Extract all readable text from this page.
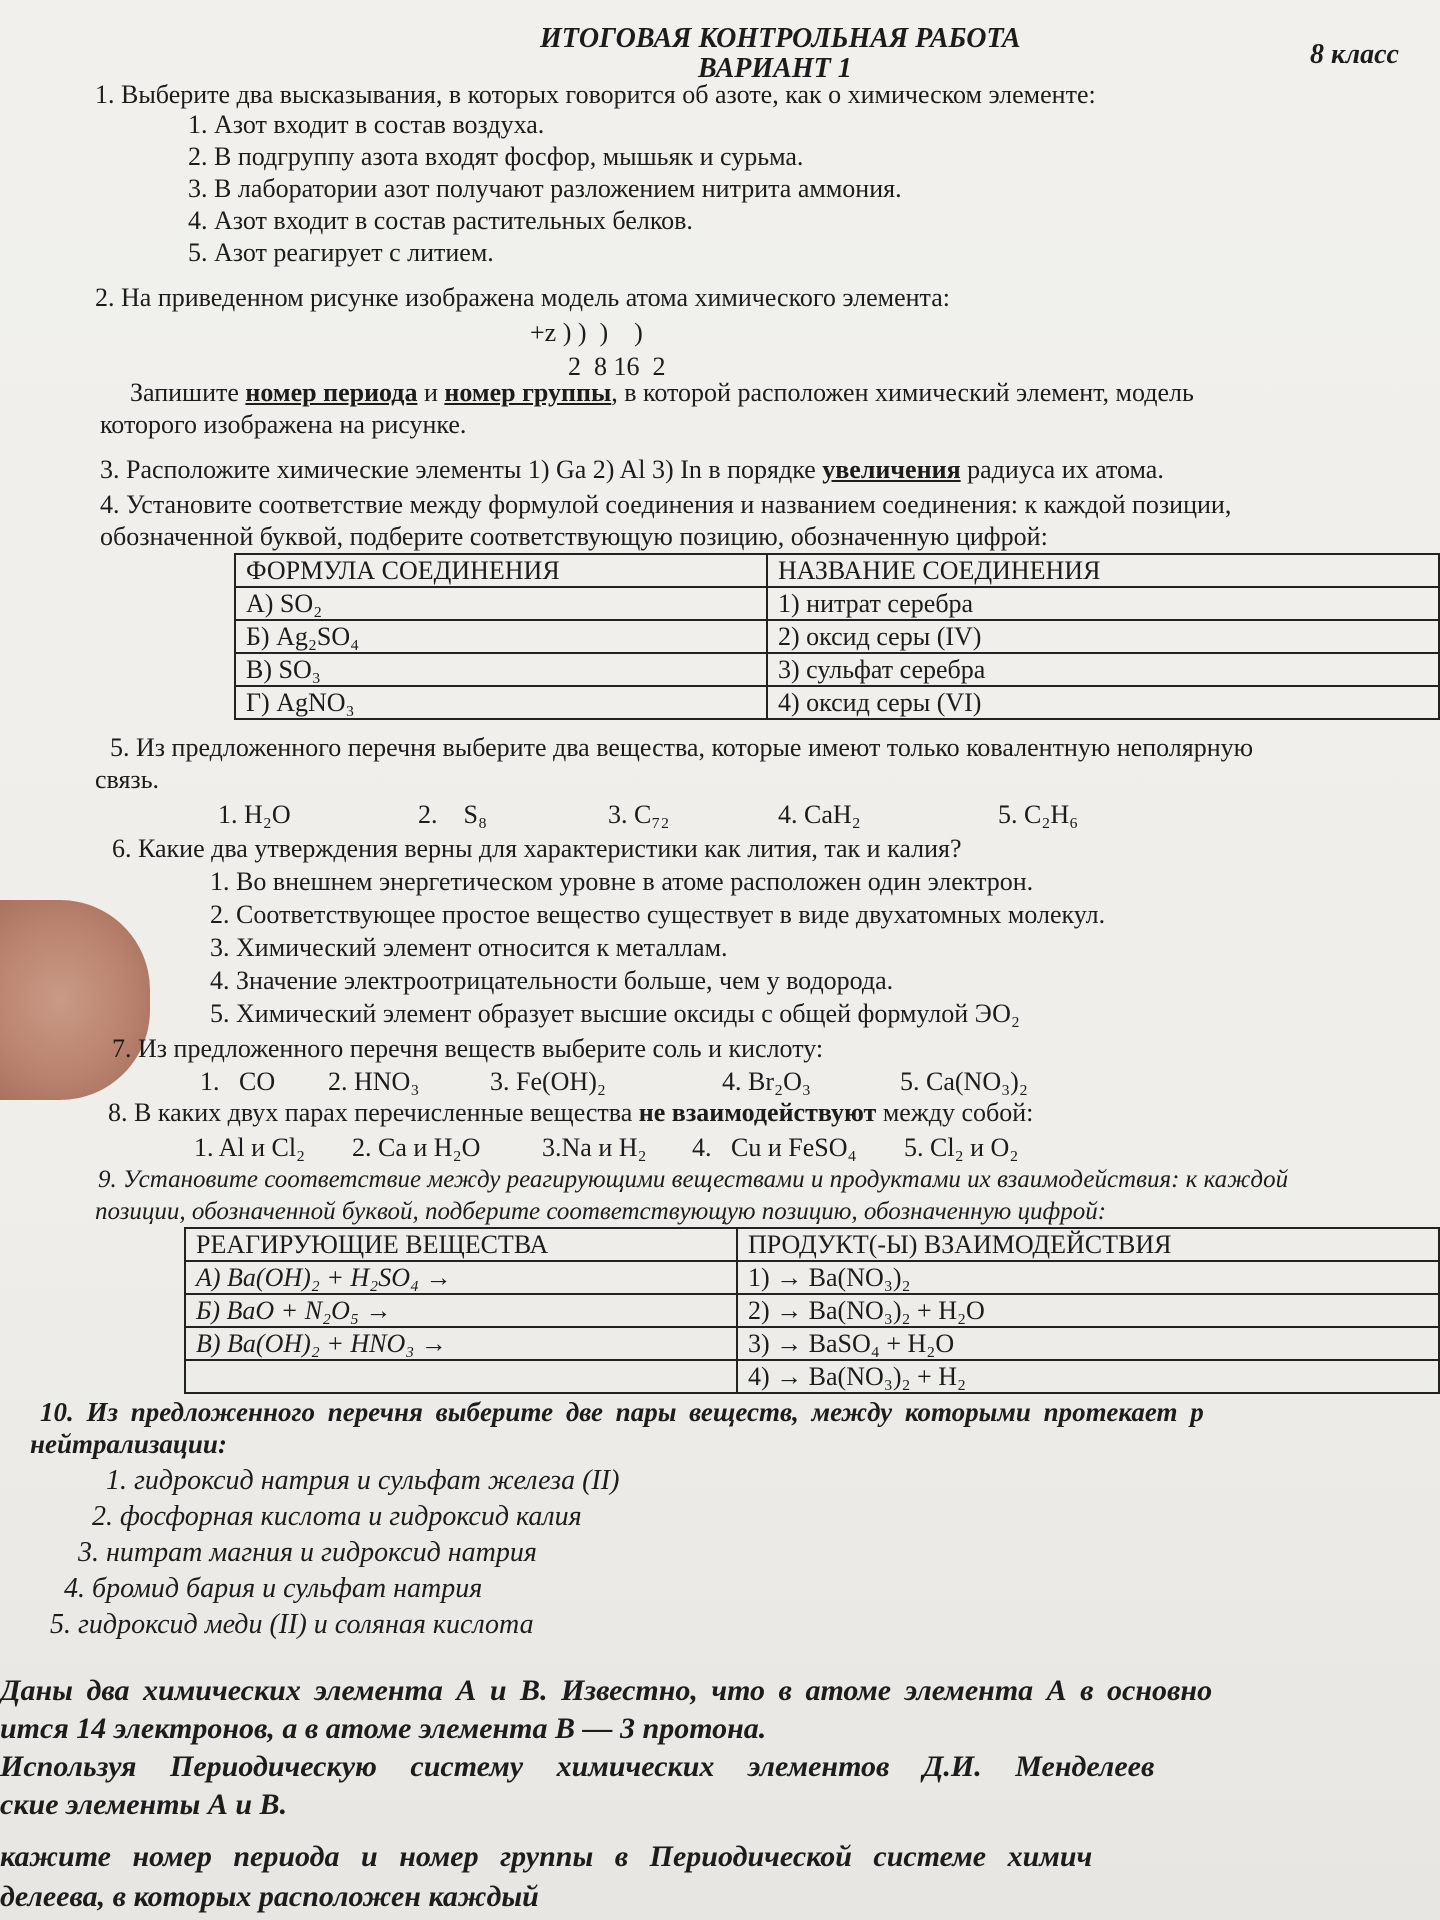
ИТОГОВАЯ КОНТРОЛЬНАЯ РАБОТА
ВАРИАНТ 1	8 класс
1. Выберите два высказывания, в которых говорится об азоте, как о химическом элементе:
1. Азот входит в состав воздуха.
2. В подгруппу азота входят фосфор, мышьяк и сурьма.
3. В лаборатории азот получают разложением нитрита аммония.
4. Азот входит в состав растительных белков.
5. Азот реагирует с литием.
2. На приведенном рисунке изображена модель атома химического элемента:
+z ) )  )    )
2  8 16  2
Запишите номер периода и номер группы, в которой расположен химический элемент, модель
которого изображена на рисунке.
3. Расположите химические элементы 1) Ga 2) Al 3) In в порядке увеличения радиуса их атома.
4. Установите соответствие между формулой соединения и названием соединения: к каждой позиции,
обозначенной буквой, подберите соответствующую позицию, обозначенную цифрой:
ФОРМУЛА СОЕДИНЕНИЯ	НАЗВАНИЕ СОЕДИНЕНИЯ
А) SO₂	1) нитрат серебра
Б) Ag₂SO₄	2) оксид серы (IV)
В) SO₃	3) сульфат серебра
Г) AgNO₃	4) оксид серы (VI)
5. Из предложенного перечня выберите два вещества, которые имеют только ковалентную неполярную
связь.
1. H₂O	2.    S₈	3. C₇₂	4. CaH₂	5. C₂H₆
6. Какие два утверждения верны для характеристики как лития, так и калия?
1. Во внешнем энергетическом уровне в атоме расположен один электрон.
2. Соответствующее простое вещество существует в виде двухатомных молекул.
3. Химический элемент относится к металлам.
4. Значение электроотрицательности больше, чем у водорода.
5. Химический элемент образует высшие оксиды с общей формулой ЭО₂
7. Из предложенного перечня веществ выберите соль и кислоту:
1.   CO 2. HNO₃	3. Fe(OH)₂	4. Br₂O₃	5. Ca(NO₃)₂
8. В каких двух парах перечисленные вещества не взаимодействуют между собой:
1. Al и Cl₂ 2. Ca и H₂O 3.Na и H₂ 4.   Cu и FeSO₄ 5. Cl₂ и O₂
9. Установите соответствие между реагирующими веществами и продуктами их взаимодействия: к каждой
позиции, обозначенной буквой, подберите соответствующую позицию, обозначенную цифрой:
РЕАГИРУЮЩИЕ ВЕЩЕСТВА	ПРОДУКТ(-Ы) ВЗАИМОДЕЙСТВИЯ
А) Ba(OH)₂ + H₂SO₄ →	1) → Ba(NO₃)₂
Б) BaO + N₂O₅ →	2) → Ba(NO₃)₂ + H₂O
В) Ba(OH)₂ + HNO₃ →	3) → BaSO₄ + H₂O
	4) → Ba(NO₃)₂ + H₂
10. Из предложенного перечня выберите две пары веществ, между которыми протекает р
нейтрализации:
1. гидроксид натрия и сульфат железа (II)
2. фосфорная кислота и гидроксид калия
3. нитрат магния и гидроксид натрия
4. бромид бария и сульфат натрия
5. гидроксид меди (II) и соляная кислота
Даны два химических элемента А и В. Известно, что в атоме элемента А в основно
ится 14 электронов, а в атоме элемента В — 3 протона.
Используя Периодическую систему химических элементов Д.И. Менделеев
ские элементы А и В.
кажите номер периода и номер группы в Периодической системе химич
делеева, в которых расположен каждый
